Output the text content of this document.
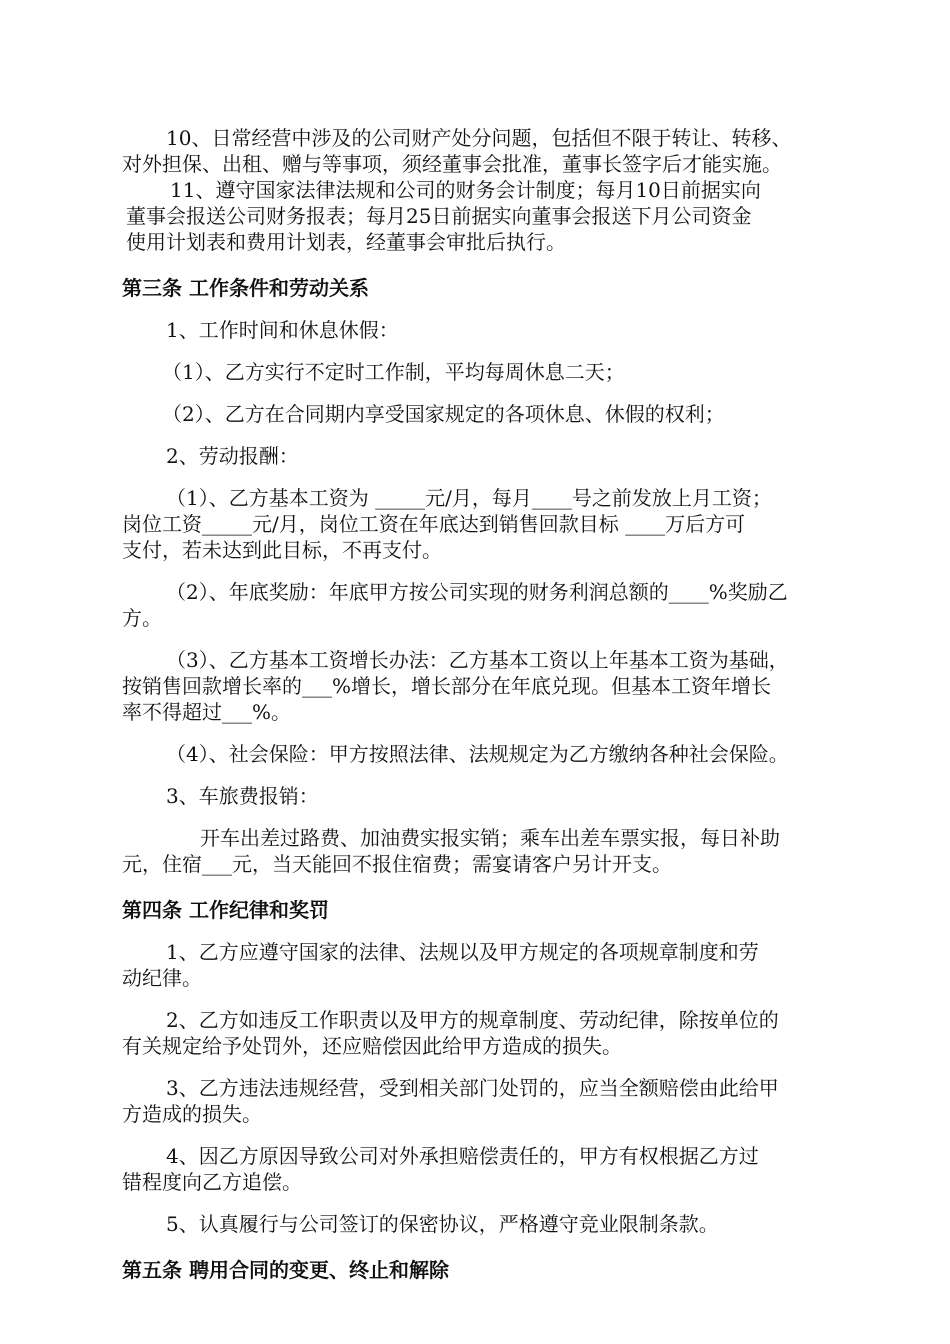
10、日常经营中涉及的公司财产处分问题，包括但不限于转让、转移、
对外担保、出租、赠与等事项，须经董事会批准，董事长签字后才能实施。
11、遵守国家法律法规和公司的财务会计制度；每月10日前据实向
董事会报送公司财务报表；每月25日前据实向董事会报送下月公司资金
使用计划表和费用计划表，经董事会审批后执行。
第三条 工作条件和劳动关系
1、工作时间和休息休假：
（1）、乙方实行不定时工作制，平均每周休息二天；
（2）、乙方在合同期内享受国家规定的各项休息、休假的权利；
2、劳动报酬：
（1）、乙方基本工资为 _____元/月，每月____号之前发放上月工资；
岗位工资_____元/月，岗位工资在年底达到销售回款目标 ____万后方可
支付，若未达到此目标，不再支付。
（2）、年底奖励：年底甲方按公司实现的财务利润总额的____%奖励乙
方。
（3）、乙方基本工资增长办法：乙方基本工资以上年基本工资为基础，
按销售回款增长率的___%增长，增长部分在年底兑现。但基本工资年增长
率不得超过___%。
（4）、社会保险：甲方按照法律、法规规定为乙方缴纳各种社会保险。
3、车旅费报销：
开车出差过路费、加油费实报实销；乘车出差车票实报，每日补助
元，住宿___元，当天能回不报住宿费；需宴请客户另计开支。
第四条 工作纪律和奖罚
1、乙方应遵守国家的法律、法规以及甲方规定的各项规章制度和劳
动纪律。
2、乙方如违反工作职责以及甲方的规章制度、劳动纪律，除按单位的
有关规定给予处罚外，还应赔偿因此给甲方造成的损失。
3、乙方违法违规经营，受到相关部门处罚的，应当全额赔偿由此给甲
方造成的损失。
4、因乙方原因导致公司对外承担赔偿责任的，甲方有权根据乙方过
错程度向乙方追偿。
5、认真履行与公司签订的保密协议，严格遵守竞业限制条款。
第五条 聘用合同的变更、终止和解除
